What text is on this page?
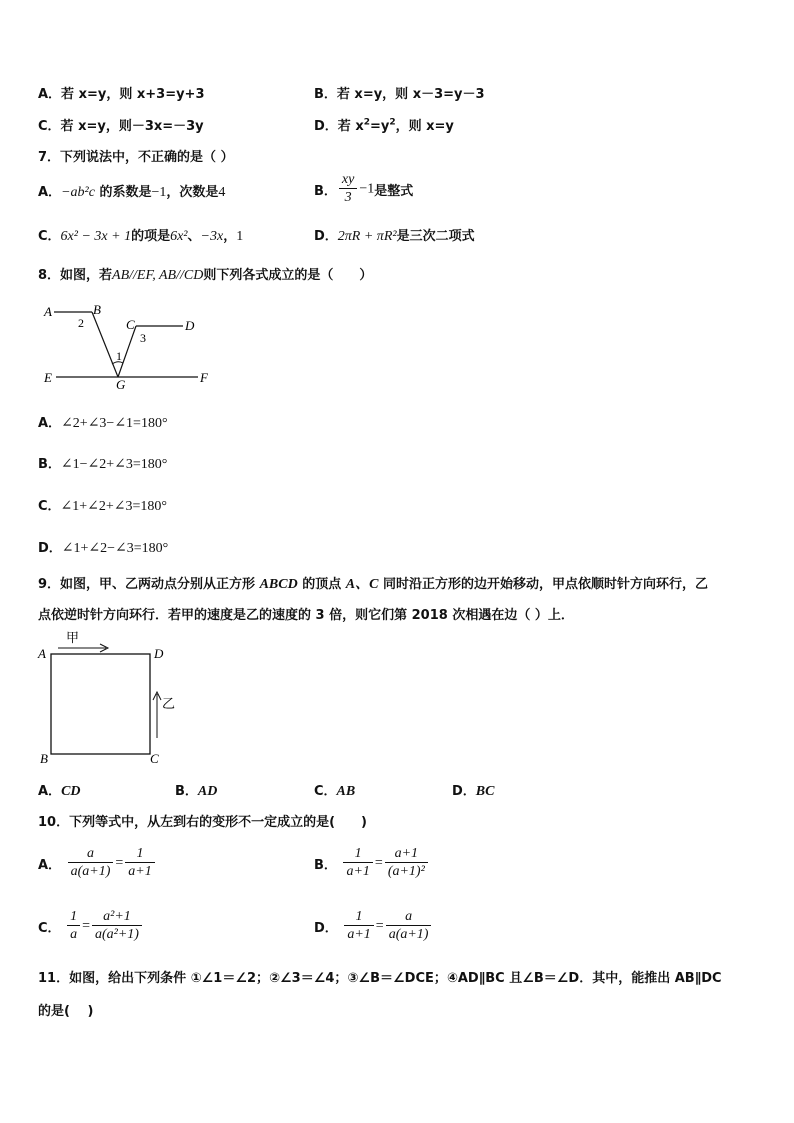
A．若 x=y，则 x+3=y+3	B．若 x=y，则 x－3=y－3
C．若 x=y，则－3x=－3y	D．若 $x^2=y^2$，则 x=y
7．下列说法中，不正确的是（ ）
A．−ab²c 的系数是−1，次数是4	B． $\frac{xy}{3} -1$是整式
C．6x² − 3x + 1的项是6x²、−3x，1	D．2πR + πR²是三次二项式
8．如图，若AB//EF, AB//CD则下列各式成立的是（　　）
A	B
2	C	D
3
1
E	G	F
A．∠2+∠3−∠1=180°
B．∠1−∠2+∠3=180°
C．∠1+∠2+∠3=180°
D．∠1+∠2−∠3=180°
9．如图，甲、乙两动点分别从正方形 ABCD 的顶点 A、C 同时沿正方形的边开始移动，甲点依顺时针方向环行，乙
点依逆时针方向环行．若甲的速度是乙的速度的 3 倍，则它们第 2018 次相遇在边（ ）上．
甲
乙
A	D
B	C
A．CD	B．AD	C．AB	D．BC
10．下列等式中，从左到右的变形不一定成立的是(　　)
A． $\frac{a}{a(a+1)} = \frac{1}{a+1}$	B． $\frac{1}{a+1} = \frac{a+1}{\text{(a+1)²}}$
C． $\frac{1}{a} = \frac{\text{a²+1}}{\text{a(a²+1)}}$	D． $\frac{1}{a+1} = \frac{a}{a(a+1)}$
11．如图，给出下列条件 ①∠1＝∠2；②∠3＝∠4；③∠B＝∠DCE；④AD∥BC 且∠B＝∠D．其中，能推出 AB∥DC
的是(　 )
